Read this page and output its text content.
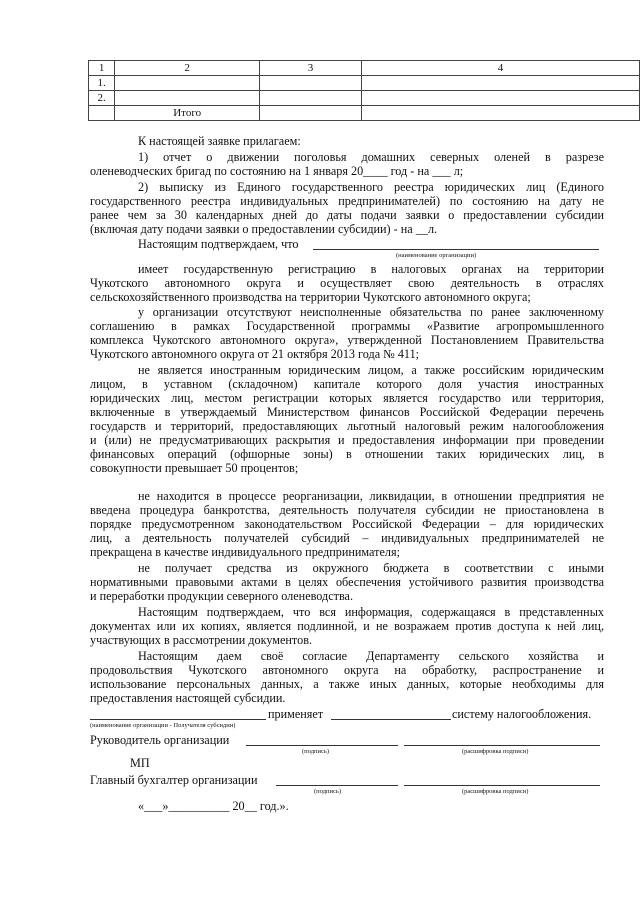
1	2	3	4
1.			
2.			
	Итого		
К настоящей заявке прилагаем:
1) отчет о движении поголовья домашних северных оленей в разрезе
оленеводческих бригад по состоянию на 1 января 20____ год - на ___ л;
2) выписку из Единого государственного реестра юридических лиц (Единого
государственного реестра индивидуальных предпринимателей) по состоянию на дату не
ранее чем за 30 календарных дней до даты подачи заявки о предоставлении субсидии
(включая дату подачи заявки о предоставлении субсидии) - на __л.
Настоящим подтверждаем, что
(наименование организации)
имеет государственную регистрацию в налоговых органах на территории
Чукотского автономного округа и осуществляет свою деятельность в отраслях
сельскохозяйственного производства на территории Чукотского автономного округа;
у организации отсутствуют неисполненные обязательства по ранее заключенному
соглашению в рамках Государственной программы «Развитие агропромышленного
комплекса Чукотского автономного округа», утвержденной Постановлением Правительства
Чукотского автономного округа от 21 октября 2013 года № 411;
не является иностранным юридическим лицом, а также российским юридическим
лицом, в уставном (складочном) капитале которого доля участия иностранных
юридических лиц, местом регистрации которых является государство или территория,
включенные в утверждаемый Министерством финансов Российской Федерации перечень
государств и территорий, предоставляющих льготный налоговый режим налогообложения
и (или) не предусматривающих раскрытия и предоставления информации при проведении
финансовых операций (офшорные зоны) в отношении таких юридических лиц, в
совокупности превышает 50 процентов;
не находится в процессе реорганизации, ликвидации, в отношении предприятия не
введена процедура банкротства, деятельность получателя субсидии не приостановлена в
порядке предусмотренном законодательством Российской Федерации – для юридических
лиц, а деятельность получателей субсидий – индивидуальных предпринимателей не
прекращена в качестве индивидуального предпринимателя;
не получает средства из окружного бюджета в соответствии с иными
нормативными правовыми актами в целях обеспечения устойчивого развития производства
и переработки продукции северного оленеводства.
Настоящим подтверждаем, что вся информация, содержащаяся в представленных
документах или их копиях, является подлинной, и не возражаем против доступа к ней лиц,
участвующих в рассмотрении документов.
Настоящим даем своё согласие Департаменту сельского хозяйства и
продовольствия Чукотского автономного округа на обработку, распространение и
использование персональных данных, а также иных данных, которые необходимы для
предоставления настоящей субсидии.
применяет	систему налогообложения.
(наименование организации - Получателя субсидии)
Руководитель организации
(подпись)	(расшифровка подписи)
МП
Главный бухгалтер организации
(подпись)	(расшифровка подписи)
«___»__________ 20__ год.».
